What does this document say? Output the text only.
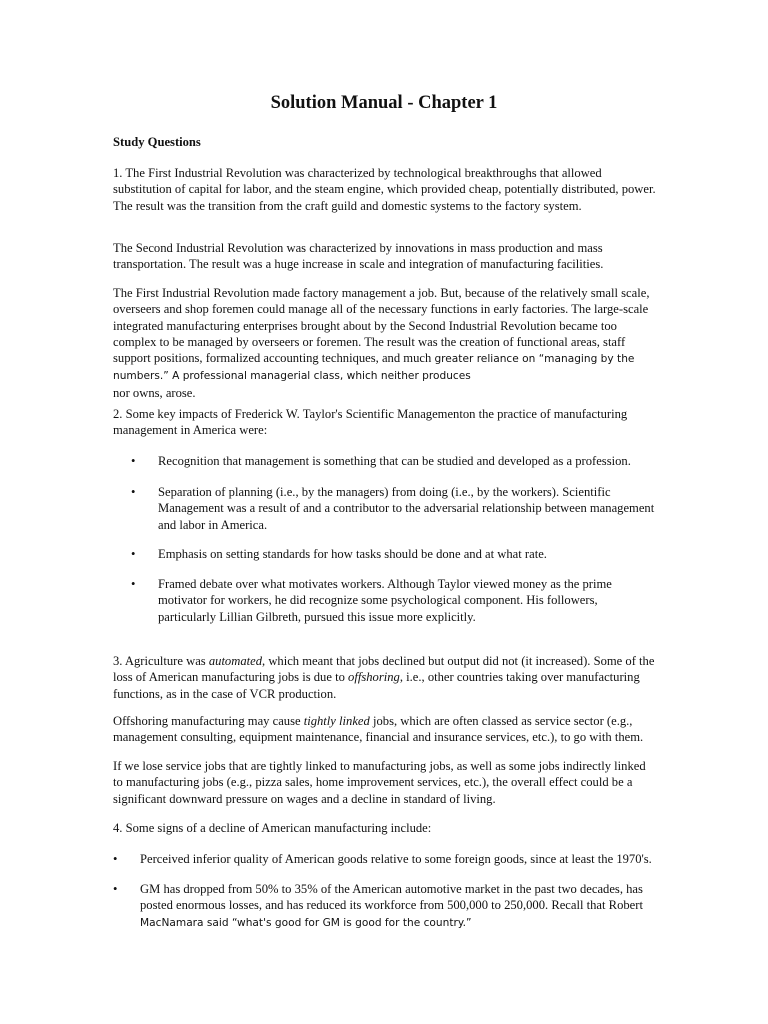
Solution Manual - Chapter 1

Study Questions

1. The First Industrial Revolution was characterized by technological breakthroughs that allowed substitution of capital for labor, and the steam engine, which provided cheap, potentially distributed, power. The result was the transition from the craft guild and domestic systems to the factory system.

The Second Industrial Revolution was characterized by innovations in mass production and mass transportation. The result was a huge increase in scale and integration of manufacturing facilities.

The First Industrial Revolution made factory management a job. But, because of the relatively small scale, overseers and shop foremen could manage all of the necessary functions in early factories. The large-scale integrated manufacturing enterprises brought about by the Second Industrial Revolution became too complex to be managed by overseers or foremen. The result was the creation of functional areas, staff support positions, formalized accounting techniques, and much greater reliance on “managing by the numbers.” A professional managerial class, which neither produces
nor owns, arose.

2. Some key impacts of Frederick W. Taylor's Scientific Managementon the practice of manufacturing management in America were:

• Recognition that management is something that can be studied and developed as a profession.
• Separation of planning (i.e., by the managers) from doing (i.e., by the workers). Scientific Management was a result of and a contributor to the adversarial relationship between management and labor in America.
• Emphasis on setting standards for how tasks should be done and at what rate.
• Framed debate over what motivates workers. Although Taylor viewed money as the prime motivator for workers, he did recognize some psychological component. His followers, particularly Lillian Gilbreth, pursued this issue more explicitly.

3. Agriculture was automated, which meant that jobs declined but output did not (it increased). Some of the loss of American manufacturing jobs is due to offshoring, i.e., other countries taking over manufacturing functions, as in the case of VCR production.

Offshoring manufacturing may cause tightly linked jobs, which are often classed as service sector (e.g., management consulting, equipment maintenance, financial and insurance services, etc.), to go with them.

If we lose service jobs that are tightly linked to manufacturing jobs, as well as some jobs indirectly linked to manufacturing jobs (e.g., pizza sales, home improvement services, etc.), the overall effect could be a significant downward pressure on wages and a decline in standard of living.

4. Some signs of a decline of American manufacturing include:

• Perceived inferior quality of American goods relative to some foreign goods, since at least the 1970's.
• GM has dropped from 50% to 35% of the American automotive market in the past two decades, has posted enormous losses, and has reduced its workforce from 500,000 to 250,000. Recall that Robert MacNamara said “what's good for GM is good for the country.”
